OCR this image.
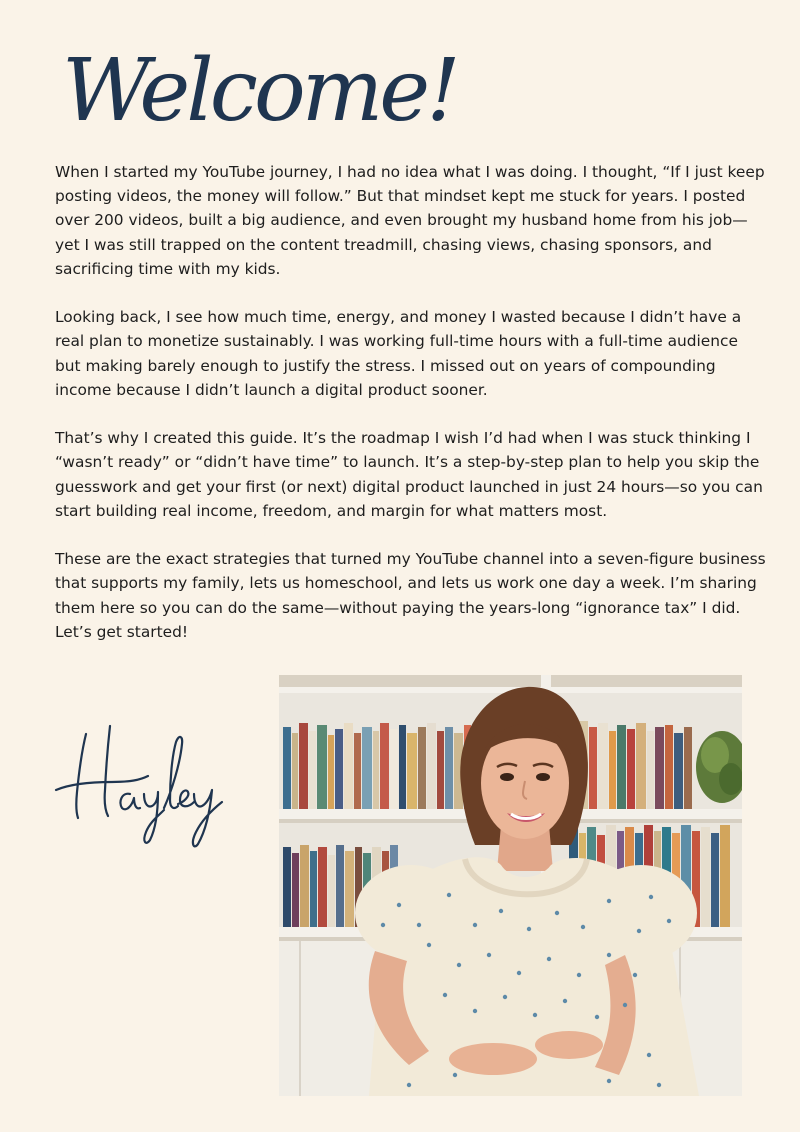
Welcome!

When I started my YouTube journey, I had no idea what I was doing. I thought, “If I just keep posting videos, the money will follow.” But that mindset kept me stuck for years. I posted over 200 videos, built a big audience, and even brought my husband home from his job—yet I was still trapped on the content treadmill, chasing views, chasing sponsors, and sacrificing time with my kids.

Looking back, I see how much time, energy, and money I wasted because I didn’t have a real plan to monetize sustainably. I was working full-time hours with a full-time audience but making barely enough to justify the stress. I missed out on years of compounding income because I didn’t launch a digital product sooner.

That’s why I created this guide. It’s the roadmap I wish I’d had when I was stuck thinking I “wasn’t ready” or “didn’t have time” to launch. It’s a step-by-step plan to help you skip the guesswork and get your first (or next) digital product launched in just 24 hours—so you can start building real income, freedom, and margin for what matters most.

These are the exact strategies that turned my YouTube channel into a seven-figure business that supports my family, lets us homeschool, and lets us work one day a week. I’m sharing them here so you can do the same—without paying the years-long “ignorance tax” I did.

Let’s get started!
